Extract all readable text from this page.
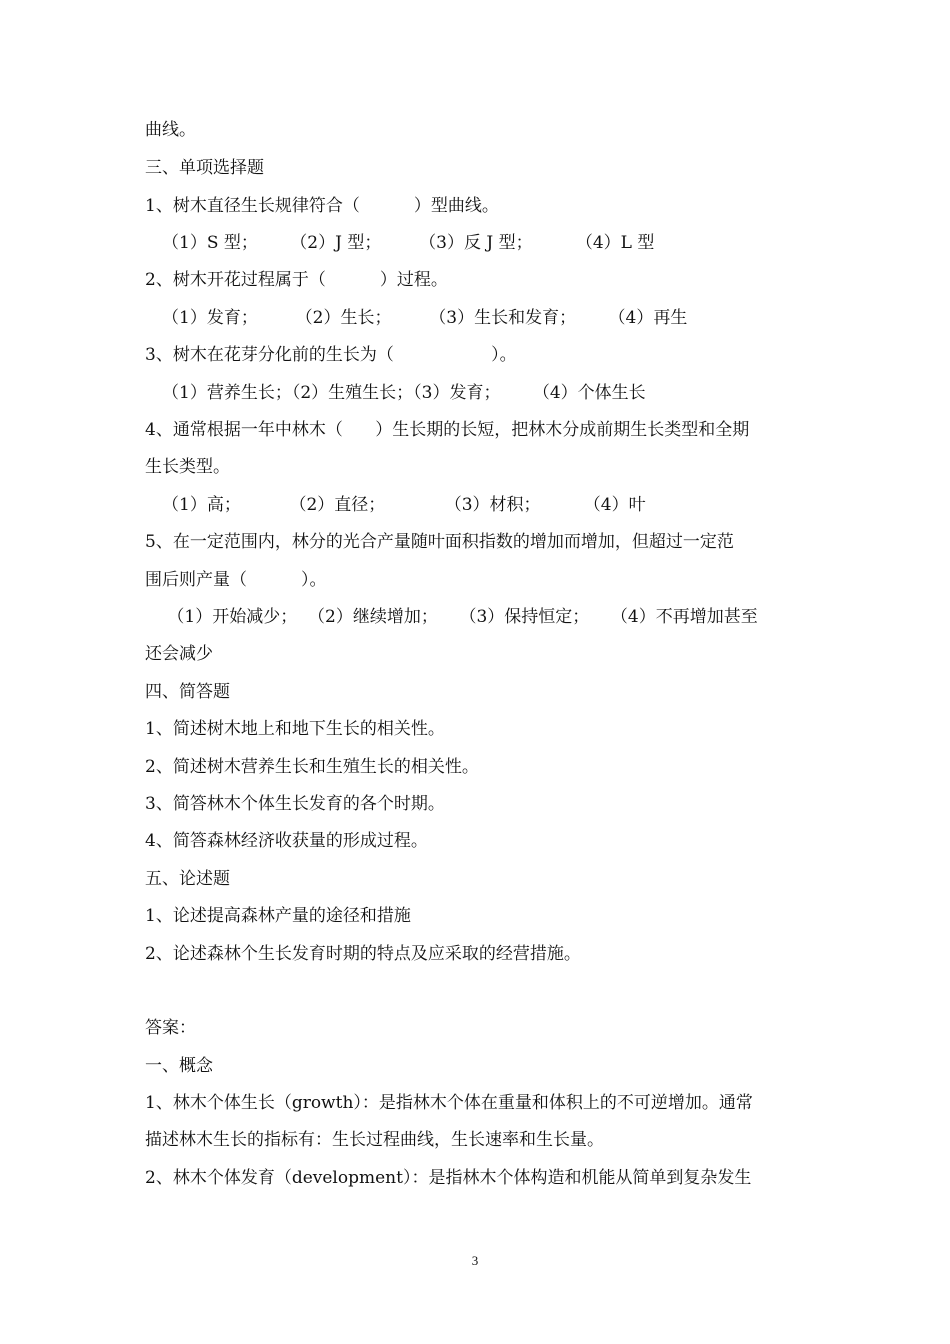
曲线。
三、单项选择题
1、树木直径生长规律符合（          ）型曲线。
（1）S 型；      （2）J 型；       （3）反 J 型；        （4）L 型
2、树木开花过程属于（          ）过程。
（1）发育；       （2）生长；       （3）生长和发育；      （4）再生
3、树木在花芽分化前的生长为（                  ）。
（1）营养生长；（2）生殖生长；（3）发育；      （4）个体生长
4、通常根据一年中林木（      ）生长期的长短，把林木分成前期生长类型和全期
生长类型。
（1）高；         （2）直径；           （3）材积；        （4）叶
5、在一定范围内，林分的光合产量随叶面积指数的增加而增加，但超过一定范
围后则产量（          ）。
（1）开始减少；  （2）继续增加；    （3）保持恒定；    （4）不再增加甚至
还会减少
四、简答题
1、简述树木地上和地下生长的相关性。
2、简述树木营养生长和生殖生长的相关性。
3、简答林木个体生长发育的各个时期。
4、简答森林经济收获量的形成过程。
五、论述题
1、论述提高森林产量的途径和措施
2、论述森林个生长发育时期的特点及应采取的经营措施。
答案：
一、概念
1、林木个体生长（growth）：是指林木个体在重量和体积上的不可逆增加。通常
描述林木生长的指标有：生长过程曲线，生长速率和生长量。
2、林木个体发育（development）：是指林木个体构造和机能从简单到复杂发生
3
